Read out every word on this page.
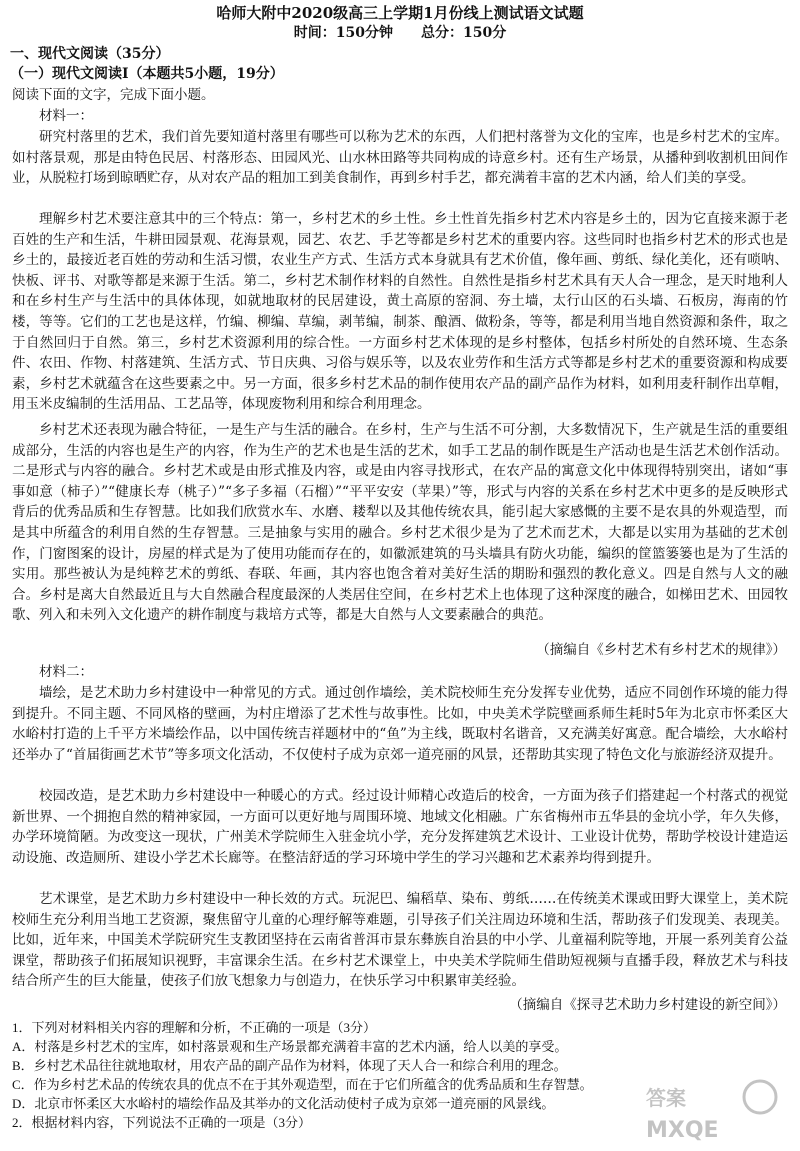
哈师大附中2020级高三上学期1月份线上测试语文试题
时间：150分钟　　总分：150分
一、现代文阅读（35分）
（一）现代文阅读Ⅰ（本题共5小题，19分）
阅读下面的文字，完成下面小题。
材料一：
研究村落里的艺术，我们首先要知道村落里有哪些可以称为艺术的东西，人们把村落誉为文化的宝库，也是乡村艺术的宝库。如村落景观，那是由特色民居、村落形态、田园风光、山水林田路等共同构成的诗意乡村。还有生产场景，从播种到收割机田间作业，从脱粒打场到晾晒贮存，从对农产品的粗加工到美食制作，再到乡村手艺，都充满着丰富的艺术内涵，给人们美的享受。
理解乡村艺术要注意其中的三个特点：第一，乡村艺术的乡土性。乡土性首先指乡村艺术内容是乡土的，因为它直接来源于老百姓的生产和生活，牛耕田园景观、花海景观，园艺、农艺、手艺等都是乡村艺术的重要内容。这些同时也指乡村艺术的形式也是乡土的，最接近老百姓的劳动和生活习惯，农业生产方式、生活方式本身就具有艺术价值，像年画、剪纸、绿化美化，还有唢呐、快板、评书、对歌等都是来源于生活。第二，乡村艺术制作材料的自然性。自然性是指乡村艺术具有天人合一理念，是天时地利人和在乡村生产与生活中的具体体现，如就地取材的民居建设，黄土高原的窑洞、夯土墙，太行山区的石头墙、石板房，海南的竹楼，等等。它们的工艺也是这样，竹编、柳编、草编，剥苇编，制茶、酿酒、做粉条，等等，都是利用当地自然资源和条件，取之于自然回归于自然。第三，乡村艺术资源利用的综合性。一方面乡村艺术体现的是乡村整体，包括乡村所处的自然环境、生态条件、农田、作物、村落建筑、生活方式、节日庆典、习俗与娱乐等，以及农业劳作和生活方式等都是乡村艺术的重要资源和构成要素，乡村艺术就蕴含在这些要素之中。另一方面，很多乡村艺术品的制作使用农产品的副产品作为材料，如利用麦秆制作出草帽，用玉米皮编制的生活用品、工艺品等，体现废物利用和综合利用理念。
乡村艺术还表现为融合特征，一是生产与生活的融合。在乡村，生产与生活不可分割，大多数情况下，生产就是生活的重要组成部分，生活的内容也是生产的内容，作为生产的艺术也是生活的艺术，如手工艺品的制作既是生产活动也是生活艺术创作活动。二是形式与内容的融合。乡村艺术或是由形式推及内容，或是由内容寻找形式，在农产品的寓意文化中体现得特别突出，诸如“事事如意（柿子）”“健康长寿（桃子）”“多子多福（石榴）”“平平安安（苹果）”等，形式与内容的关系在乡村艺术中更多的是反映形式背后的优秀品质和生存智慧。比如我们欣赏水车、水磨、耧犁以及其他传统农具，能引起大家感慨的主要不是农具的外观造型，而是其中所蕴含的利用自然的生存智慧。三是抽象与实用的融合。乡村艺术很少是为了艺术而艺术，大都是以实用为基础的艺术创作，门窗图案的设计，房屋的样式是为了使用功能而存在的，如徽派建筑的马头墙具有防火功能，编织的筐篮篓篓也是为了生活的实用。那些被认为是纯粹艺术的剪纸、春联、年画，其内容也饱含着对美好生活的期盼和强烈的教化意义。四是自然与人文的融合。乡村是离大自然最近且与大自然融合程度最深的人类居住空间，在乡村艺术上也体现了这种深度的融合，如梯田艺术、田园牧歌、列入和未列入文化遗产的耕作制度与栽培方式等，都是大自然与人文要素融合的典范。
（摘编自《乡村艺术有乡村艺术的规律》）
材料二：
墙绘，是艺术助力乡村建设中一种常见的方式。通过创作墙绘，美术院校师生充分发挥专业优势，适应不同创作环境的能力得到提升。不同主题、不同风格的壁画，为村庄增添了艺术性与故事性。比如，中央美术学院壁画系师生耗时5年为北京市怀柔区大水峪村打造的上千平方米墙绘作品，以中国传统吉祥题材中的“鱼”为主线，既取村名谐音，又充满美好寓意。配合墙绘，大水峪村还举办了“首届街画艺术节”等多项文化活动，不仅使村子成为京郊一道亮丽的风景，还帮助其实现了特色文化与旅游经济双提升。
校园改造，是艺术助力乡村建设中一种暖心的方式。经过设计师精心改造后的校舍，一方面为孩子们搭建起一个村落式的视觉新世界、一个拥抱自然的精神家园，一方面可以更好地与周围环境、地域文化相融。广东省梅州市五华县的金坑小学，年久失修，办学环境简陋。为改变这一现状，广州美术学院师生入驻金坑小学，充分发挥建筑艺术设计、工业设计优势，帮助学校设计建造运动设施、改造厕所、建设小学艺术长廊等。在整洁舒适的学习环境中学生的学习兴趣和艺术素养均得到提升。
艺术课堂，是艺术助力乡村建设中一种长效的方式。玩泥巴、编稻草、染布、剪纸……在传统美术课或田野大课堂上，美术院校师生充分利用当地工艺资源，聚焦留守儿童的心理纾解等难题，引导孩子们关注周边环境和生活，帮助孩子们发现美、表现美。比如，近年来，中国美术学院研究生支教团坚持在云南省普洱市景东彝族自治县的中小学、儿童福利院等地，开展一系列美育公益课堂，帮助孩子们拓展知识视野，丰富课余生活。在乡村艺术课堂上，中央美术学院师生借助短视频与直播手段，释放艺术与科技结合所产生的巨大能量，使孩子们放飞想象力与创造力，在快乐学习中积累审美经验。
（摘编自《探寻艺术助力乡村建设的新空间》）
1．下列对材料相关内容的理解和分析，不正确的一项是（3分）
A．村落是乡村艺术的宝库，如村落景观和生产场景都充满着丰富的艺术内涵，给人以美的享受。
B．乡村艺术品往往就地取材，用农产品的副产品作为材料，体现了天人合一和综合利用的理念。
C．作为乡村艺术品的传统农具的优点不在于其外观造型，而在于它们所蕴含的优秀品质和生存智慧。
D．北京市怀柔区大水峪村的墙绘作品及其举办的文化活动使村子成为京郊一道亮丽的风景线。
2．根据材料内容，下列说法不正确的一项是（3分）
答案
MXQE
